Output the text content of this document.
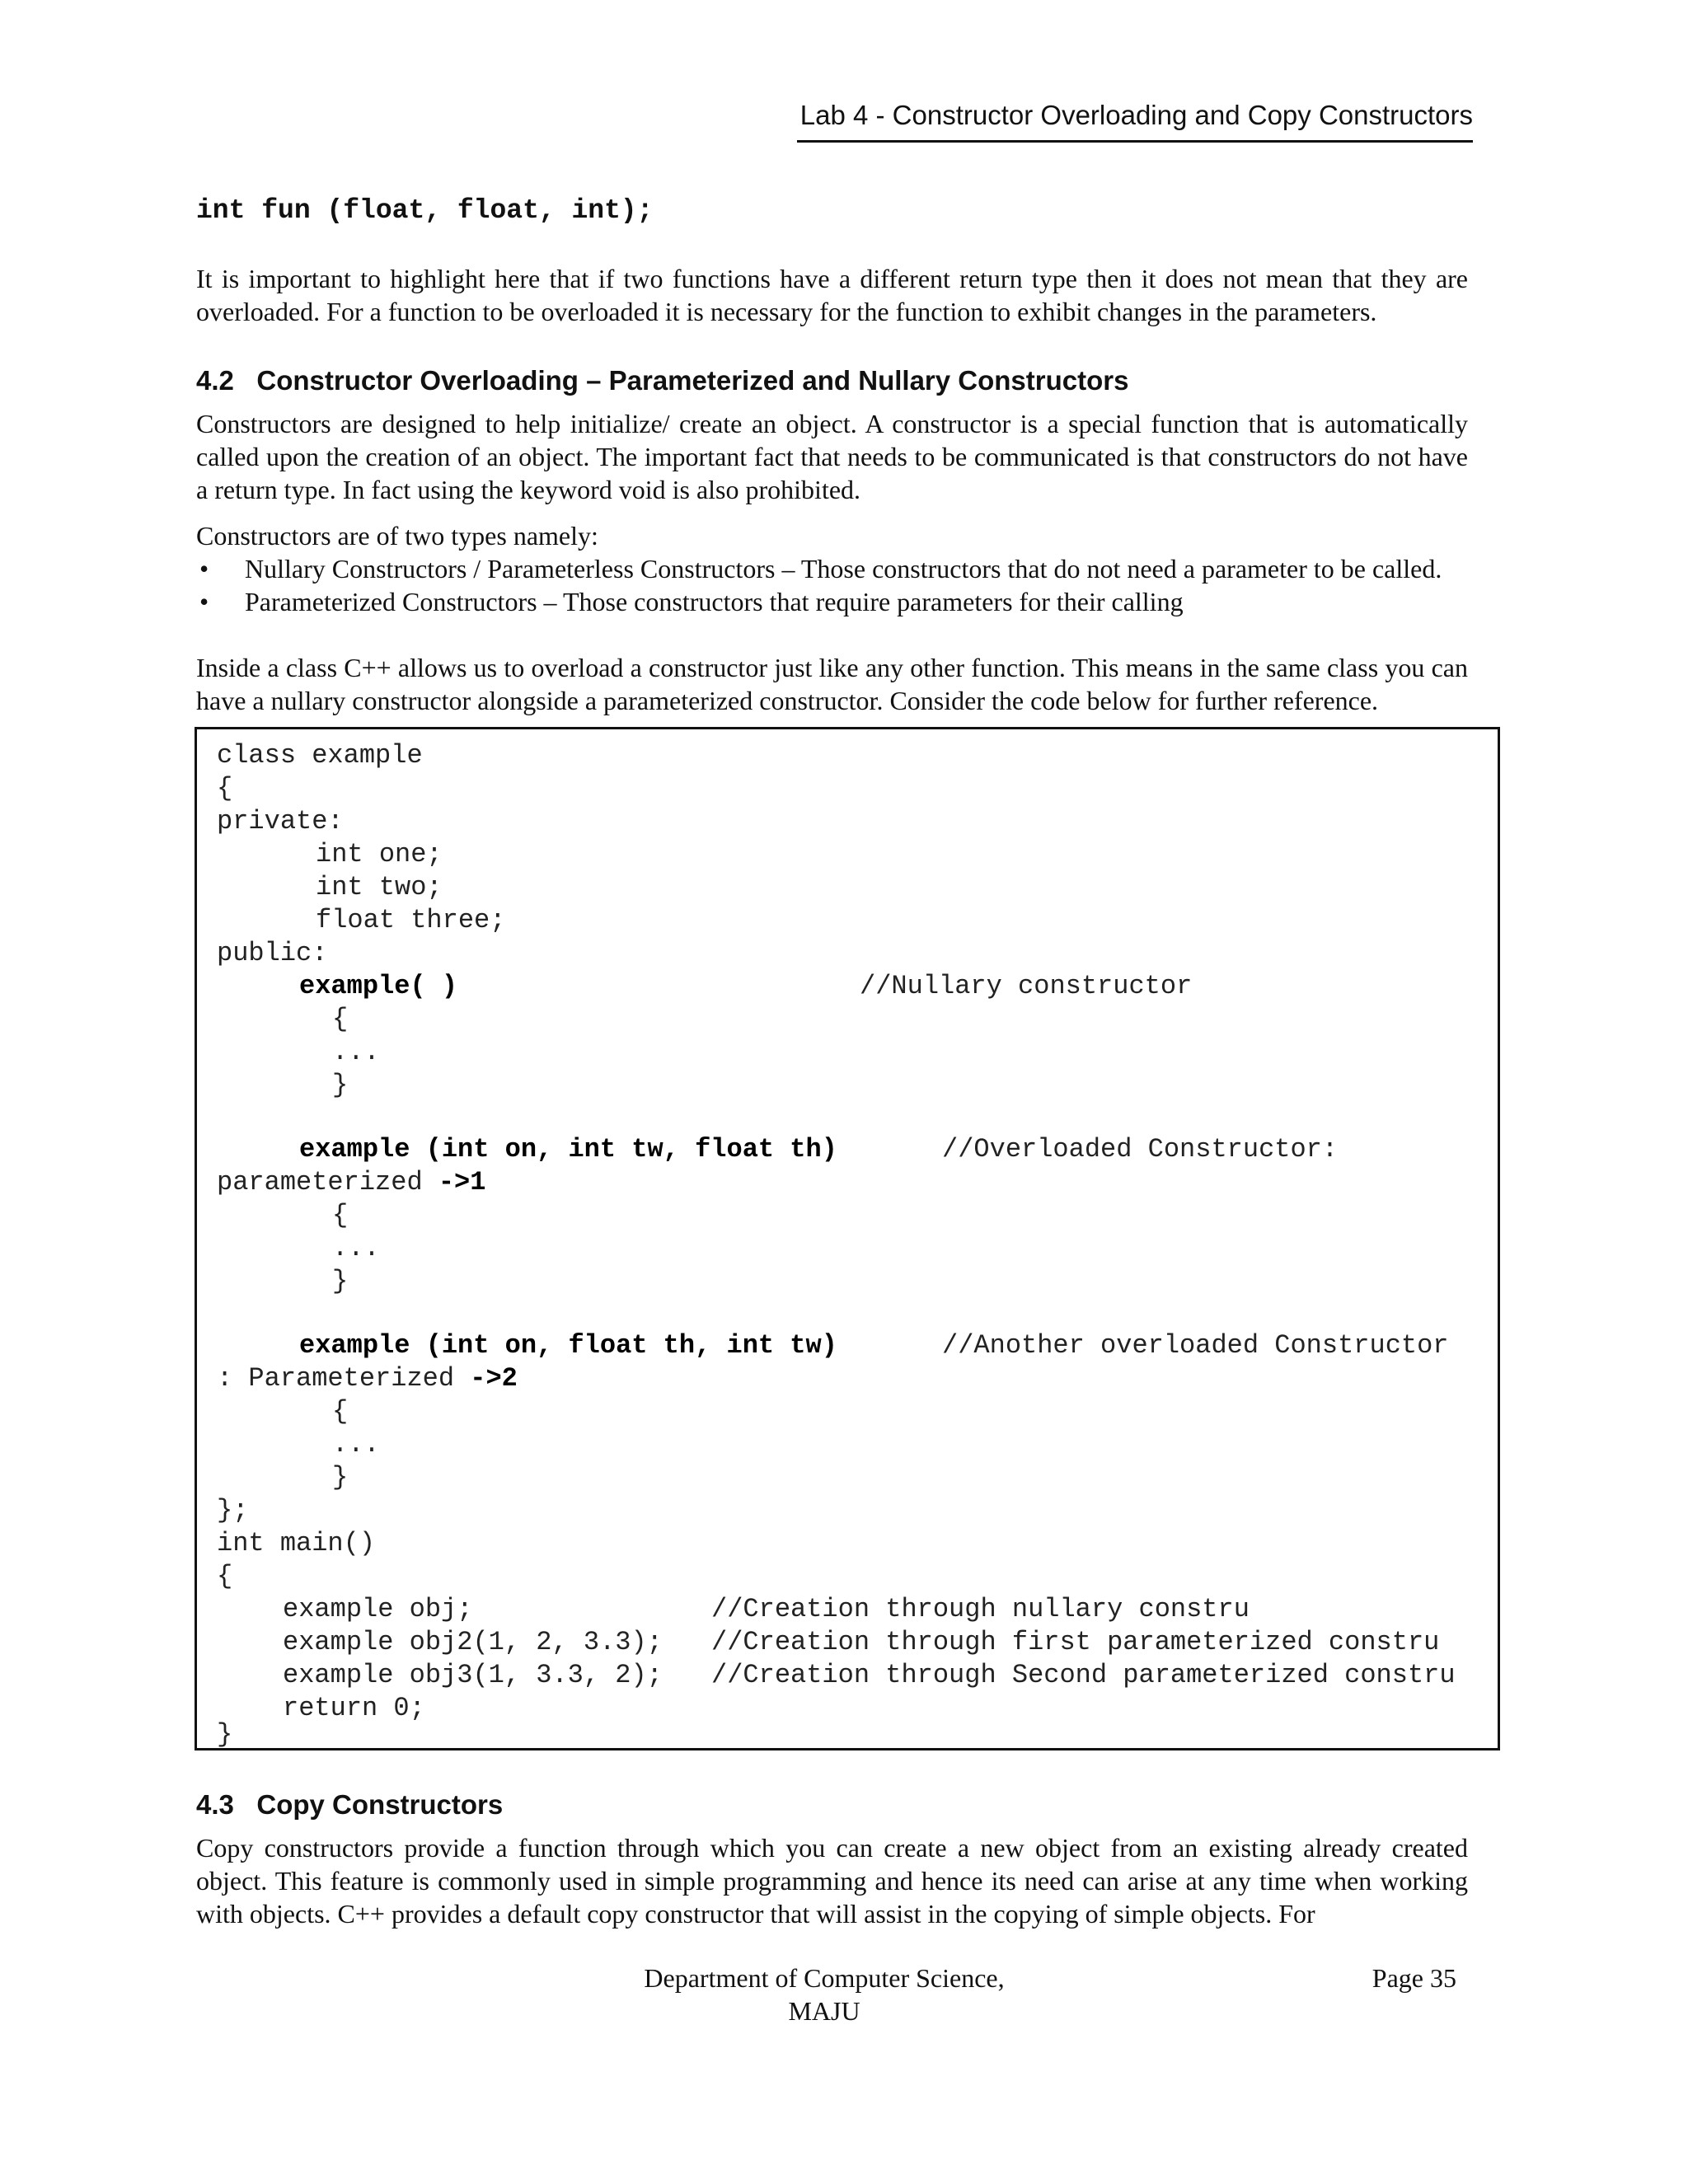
Lab 4 - Constructor Overloading and Copy Constructors
int fun (float, float, int);
It is important to highlight here that if two functions have a different return type then it does not mean that they are overloaded. For a function to be overloaded it is necessary for the function to exhibit changes in the parameters.
4.2 Constructor Overloading – Parameterized and Nullary Constructors
Constructors are designed to help initialize/ create an object. A constructor is a special function that is automatically called upon the creation of an object. The important fact that needs to be communicated is that constructors do not have a return type. In fact using the keyword void is also prohibited.
Constructors are of two types namely:
• Nullary Constructors / Parameterless Constructors – Those constructors that do not need a parameter to be called.
• Parameterized Constructors – Those constructors that require parameters for their calling
Inside a class C++ allows us to overload a constructor just like any other function. This means in the same class you can have a nullary constructor alongside a parameterized constructor. Consider the code below for further reference.
class example
{
private:
int one;
int two;
float three;
public:
example( )	//Nullary constructor
{
...
}
example (int on, int tw, float th)	//Overloaded Constructor:
parameterized ->1
{
...
}
example (int on, float th, int tw)	//Another overloaded Constructor
: Parameterized ->2
{
...
}
};
int main()
{
example obj;	//Creation through nullary constru
example obj2(1, 2, 3.3); //Creation through first parameterized constru
example obj3(1, 3.3, 2); //Creation through Second parameterized constru
return 0;
}
4.3 Copy Constructors
Copy constructors provide a function through which you can create a new object from an existing already created object. This feature is commonly used in simple programming and hence its need can arise at any time when working with objects. C++ provides a default copy constructor that will assist in the copying of simple objects. For
Department of Computer Science,
MAJU
Page 35
